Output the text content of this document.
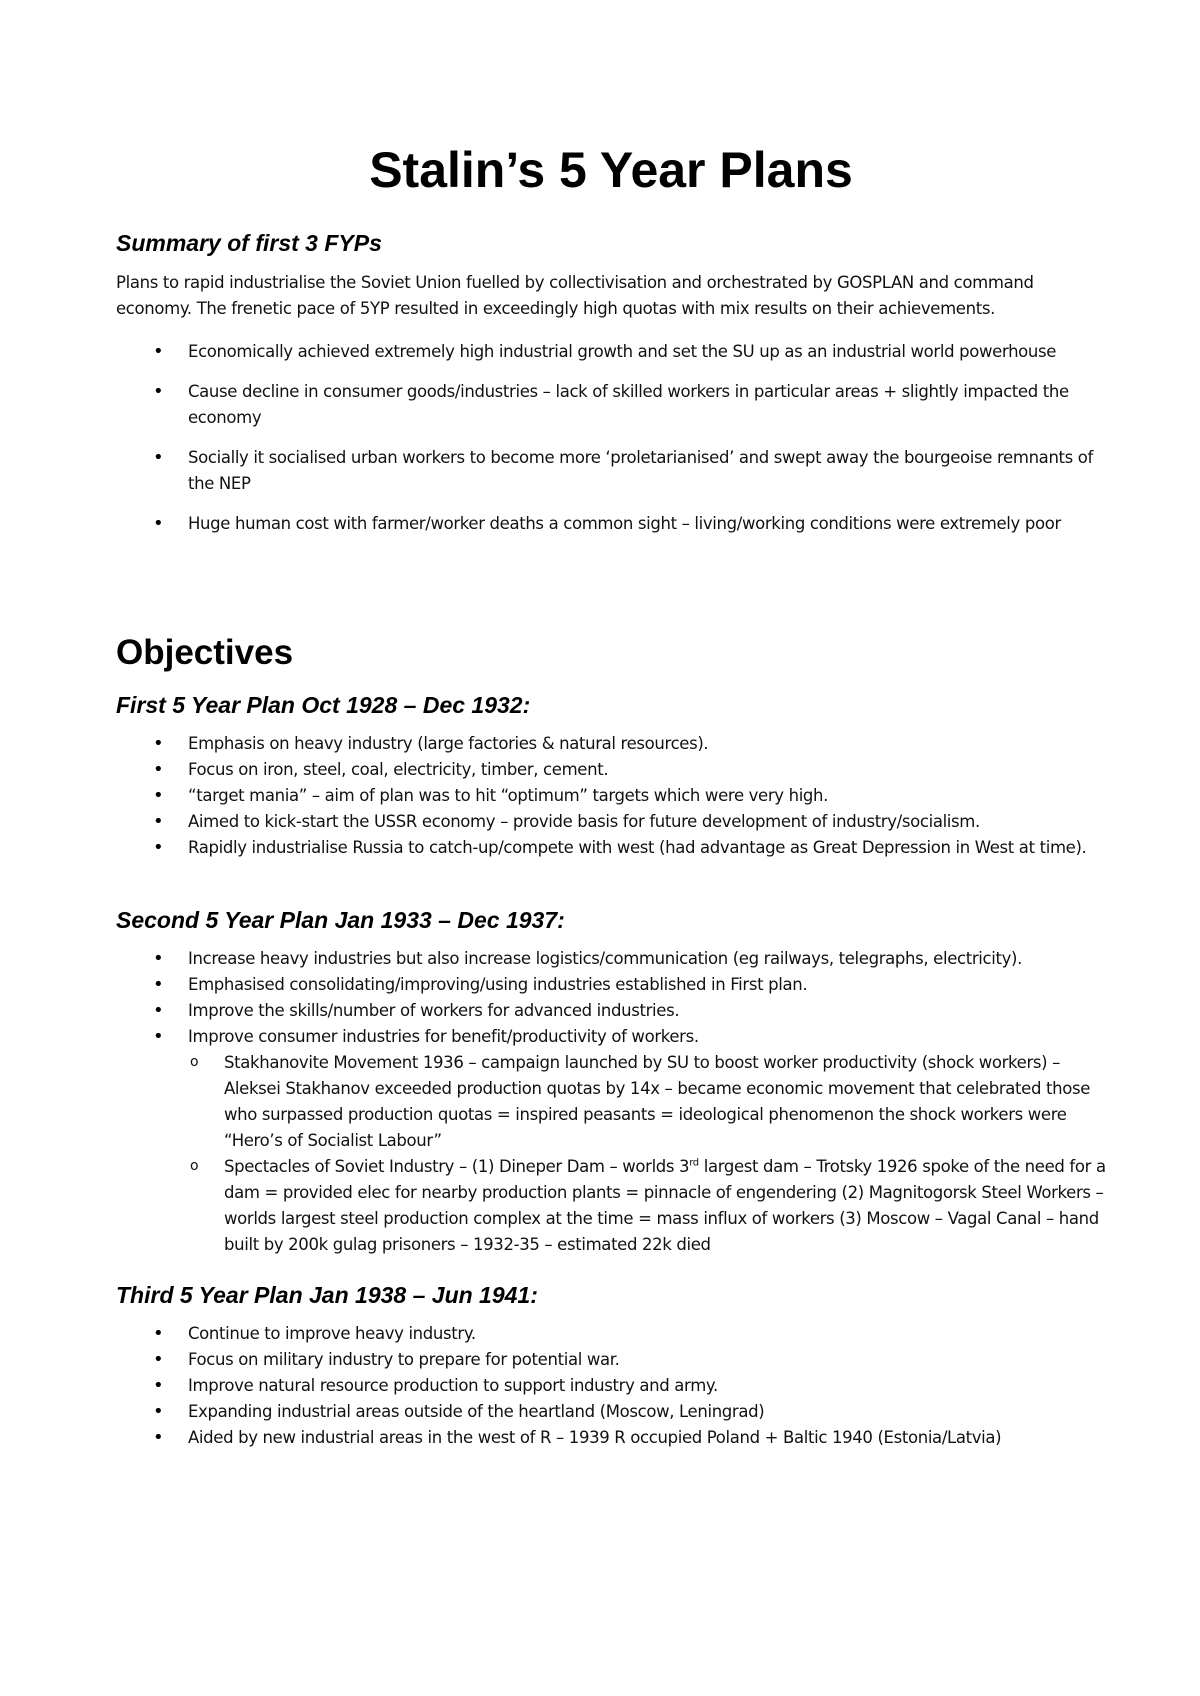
Stalin’s 5 Year Plans
Summary of first 3 FYPs

Plans to rapid industrialise the Soviet Union fuelled by collectivisation and orchestrated by GOSPLAN and command economy. The frenetic pace of 5YP resulted in exceedingly high quotas with mix results on their achievements.

• Economically achieved extremely high industrial growth and set the SU up as an industrial world powerhouse
• Cause decline in consumer goods/industries – lack of skilled workers in particular areas + slightly impacted the economy
• Socially it socialised urban workers to become more ‘proletarianised’ and swept away the bourgeoise remnants of the NEP
• Huge human cost with farmer/worker deaths a common sight – living/working conditions were extremely poor
Objectives
First 5 Year Plan Oct 1928 – Dec 1932:
• Emphasis on heavy industry (large factories & natural resources).
• Focus on iron, steel, coal, electricity, timber, cement.
• “target mania” – aim of plan was to hit “optimum” targets which were very high.
• Aimed to kick-start the USSR economy – provide basis for future development of industry/socialism.
• Rapidly industrialise Russia to catch-up/compete with west (had advantage as Great Depression in West at time).
Second 5 Year Plan Jan 1933 – Dec 1937:
• Increase heavy industries but also increase logistics/communication (eg railways, telegraphs, electricity).
• Emphasised consolidating/improving/using industries established in First plan.
• Improve the skills/number of workers for advanced industries.
• Improve consumer industries for benefit/productivity of workers.
o Stakhanovite Movement 1936 – campaign launched by SU to boost worker productivity (shock workers) – Aleksei Stakhanov exceeded production quotas by 14x – became economic movement that celebrated those who surpassed production quotas = inspired peasants = ideological phenomenon the shock workers were “Hero’s of Socialist Labour”
o Spectacles of Soviet Industry – (1) Dineper Dam – worlds 3rd largest dam – Trotsky 1926 spoke of the need for a dam = provided elec for nearby production plants = pinnacle of engendering (2) Magnitogorsk Steel Workers – worlds largest steel production complex at the time = mass influx of workers (3) Moscow – Vagal Canal – hand built by 200k gulag prisoners – 1932-35 – estimated 22k died
Third 5 Year Plan Jan 1938 – Jun 1941:
• Continue to improve heavy industry.
• Focus on military industry to prepare for potential war.
• Improve natural resource production to support industry and army.
• Expanding industrial areas outside of the heartland (Moscow, Leningrad)
• Aided by new industrial areas in the west of R – 1939 R occupied Poland + Baltic 1940 (Estonia/Latvia)
